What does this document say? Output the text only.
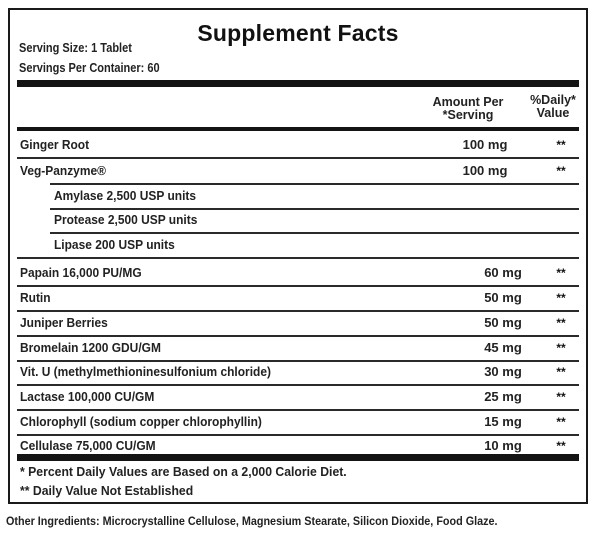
Supplement Facts
Serving Size: 1 Tablet
Servings Per Container: 60
Amount Per
*Serving
%Daily*
Value
Ginger Root	100 mg	**
Veg-Panzyme®	100 mg	**
Amylase 2,500 USP units
Protease 2,500 USP units
Lipase 200 USP units
Papain 16,000 PU/MG	60 mg	**
Rutin	50 mg	**
Juniper Berries	50 mg	**
Bromelain 1200 GDU/GM	45 mg	**
Vit. U (methylmethioninesulfonium chloride)	30 mg	**
Lactase 100,000 CU/GM	25 mg	**
Chlorophyll (sodium copper chlorophyllin)	15 mg	**
Cellulase 75,000 CU/GM	10 mg	**
* Percent Daily Values are Based on a 2,000 Calorie Diet.
** Daily Value Not Established
Other Ingredients: Microcrystalline Cellulose, Magnesium Stearate, Silicon Dioxide, Food Glaze.
